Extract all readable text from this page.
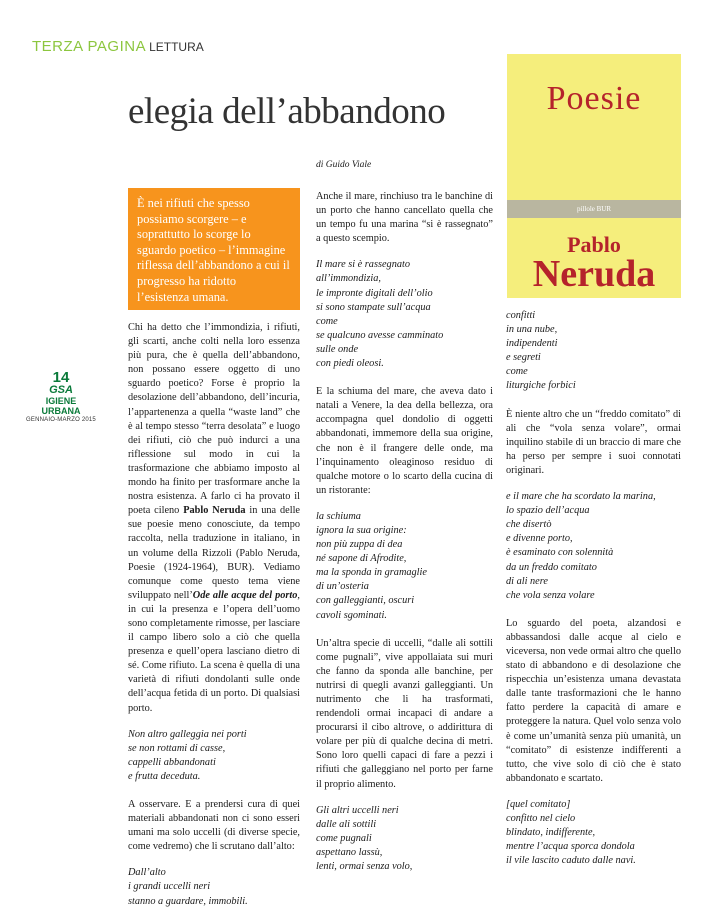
TERZA PAGINA LETTURA
elegia dell’abbandono
di Guido Viale
È nei rifiuti che spesso possiamo scorgere – e soprattutto lo scorge lo sguardo poetico – l’immagine riflessa dell’abbandono a cui il progresso ha ridotto l’esistenza umana.
14
GSA
IGIENE URBANA
GENNAIO-MARZO 2015

Chi ha detto che l’immondizia, i rifiuti, gli scarti, anche colti nella loro essenza più pura, che è quella dell’abbandono, non possano essere oggetto di uno sguardo poetico? Forse è proprio la desolazione dell’abbandono, dell’incuria, l’appartenenza a quella “waste land” che è al tempo stesso “terra desolata” e luogo dei rifiuti, ciò che può indurci a una riflessione sul modo in cui la trasformazione che abbiamo imposto al mondo ha finito per trasformare anche la nostra esistenza. A farlo ci ha provato il poeta cileno Pablo Neruda in una delle sue poesie meno conosciute, da tempo raccolta, nella traduzione in italiano, in un volume della Rizzoli (Pablo Neruda, Poesie (1924-1964), BUR). Vediamo comunque come questo tema viene sviluppato nell’Ode alle acque del porto, in cui la presenza e l’opera dell’uomo sono completamente rimosse, per lasciare il campo libero solo a ciò che quella presenza e quell’opera lasciano dietro di sé. Come rifiuto. La scena è quella di una varietà di rifiuti dondolanti sulle onde dell’acqua fetida di un porto. Di qualsiasi porto.

Non altro galleggia nei porti
se non rottami di casse,
cappelli abbandonati
e frutta deceduta.

A osservare. E a prendersi cura di quei materiali abbandonati non ci sono esseri umani ma solo uccelli (di diverse specie, come vedremo) che li scrutano dall’alto:

Dall’alto
i grandi uccelli neri
stanno a guardare, immobili.

Anche il mare, rinchiuso tra le banchine di un porto che hanno cancellato quella che un tempo fu una marina “si è rassegnato” a questo scempio.

Il mare si è rassegnato
all’immondizia,
le impronte digitali dell’olio
si sono stampate sull’acqua
come
se qualcuno avesse camminato
sulle onde
con piedi oleosi.

E la schiuma del mare, che aveva dato i natali a Venere, la dea della bellezza, ora accompagna quel dondolio di oggetti abbandonati, immemore della sua origine, che non è il frangere delle onde, ma l’inquinamento oleaginoso residuo di qualche motore o lo scarto della cucina di un ristorante:

la schiuma
ignora la sua origine:
non più zuppa di dea
né sapone di Afrodite,
ma la sponda in gramaglie
di un’osteria
con galleggianti, oscuri
cavoli sgominati.

Un’altra specie di uccelli, “dalle ali sottili come pugnali”, vive appollaiata sui muri che fanno da sponda alle banchine, per nutrirsi di quegli avanzi galleggianti. Un nutrimento che li ha trasformati, rendendoli ormai incapaci di andare a procurarsi il cibo altrove, o addirittura di volare per più di qualche decina di metri. Sono loro quelli capaci di fare a pezzi i rifiuti che galleggiano nel porto per farne il proprio alimento.

Gli altri uccelli neri
dalle ali sottili
come pugnali
aspettano lassù,
lenti, ormai senza volo,
Poesie
pillole BUR
Pablo
Neruda
confitti
in una nube,
indipendenti
e segreti
come
liturgiche forbici

È niente altro che un “freddo comitato” di ali che “vola senza volare”, ormai inquilino stabile di un braccio di mare che ha perso per sempre i suoi connotati originari.

e il mare che ha scordato la marina,
lo spazio dell’acqua
che disertò
e divenne porto,
è esaminato con solennità
da un freddo comitato
di ali nere
che vola senza volare

Lo sguardo del poeta, alzandosi e abbassandosi dalle acque al cielo e viceversa, non vede ormai altro che quello stato di abbandono e di desolazione che rispecchia un’esistenza umana devastata dalle tante trasformazioni che le hanno fatto perdere la capacità di amare e proteggere la natura. Quel volo senza volo è come un’umanità senza più umanità, un “comitato” di esistenze indifferenti a tutto, che vive solo di ciò che è stato abbandonato e scartato.

[quel comitato]
confitto nel cielo
blindato, indifferente,
mentre l’acqua sporca dondola
il vile lascito caduto dalle navi.
